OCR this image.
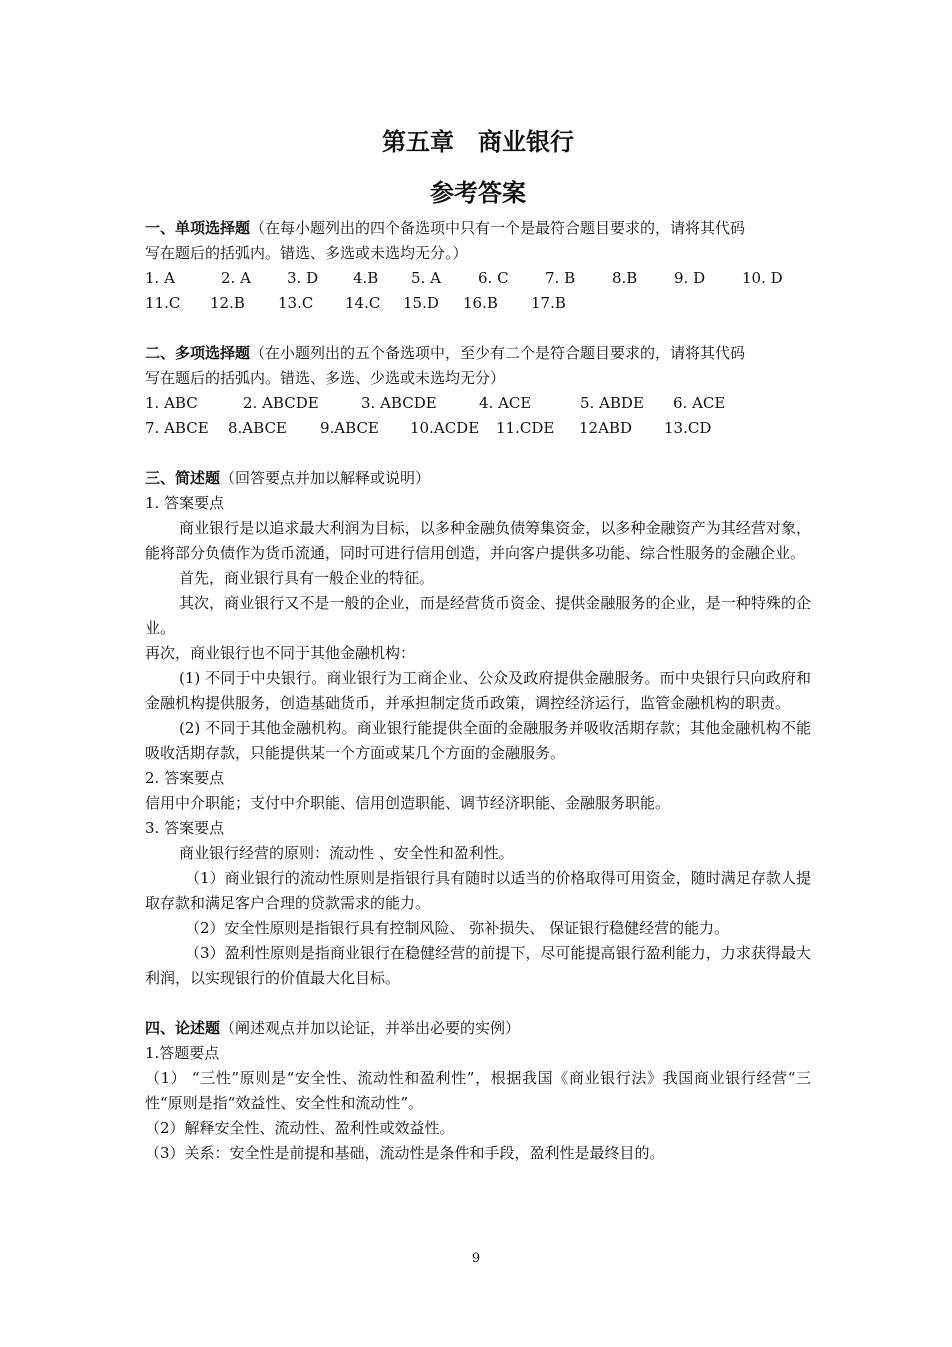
第五章　商业银行
参考答案
一、单项选择题（在每小题列出的四个备选项中只有一个是最符合题目要求的，请将其代码
写在题后的括弧内。错选、多选或未选均无分。）
1. A	2. A	3. D	4.B	5. A	6. C	7. B	8.B	9. D	10. D
11.C	12.B	13.C	14.C	15.D	16.B	17.B
二、多项选择题（在小题列出的五个备选项中，至少有二个是符合题目要求的，请将其代码
写在题后的括弧内。错选、多选、少选或未选均无分）
1. ABC	2. ABCDE	3. ABCDE	4. ACE	5. ABDE	6. ACE
7. ABCE	8.ABCE	9.ABCE	10.ACDE	11.CDE	12ABD	13.CD
三、简述题（回答要点并加以解释或说明）
1. 答案要点
商业银行是以追求最大利润为目标，以多种金融负债筹集资金，以多种金融资产为其经营对象，能将部分负债作为货币流通，同时可进行信用创造，并向客户提供多功能、综合性服务的金融企业。
首先，商业银行具有一般企业的特征。
其次，商业银行又不是一般的企业，而是经营货币资金、提供金融服务的企业，是一种特殊的企业。
再次，商业银行也不同于其他金融机构：
(1) 不同于中央银行。商业银行为工商企业、公众及政府提供金融服务。而中央银行只向政府和金融机构提供服务，创造基础货币，并承担制定货币政策，调控经济运行，监管金融机构的职责。
(2) 不同于其他金融机构。商业银行能提供全面的金融服务并吸收活期存款；其他金融机构不能吸收活期存款，只能提供某一个方面或某几个方面的金融服务。
2. 答案要点
信用中介职能；支付中介职能、信用创造职能、调节经济职能、金融服务职能。
3. 答案要点
商业银行经营的原则：流动性 、安全性和盈利性。
（1）商业银行的流动性原则是指银行具有随时以适当的价格取得可用资金，随时满足存款人提取存款和满足客户合理的贷款需求的能力。
（2）安全性原则是指银行具有控制风险、 弥补损失、 保证银行稳健经营的能力。
（3）盈利性原则是指商业银行在稳健经营的前提下，尽可能提高银行盈利能力，力求获得最大利润，以实现银行的价值最大化目标。
四、论述题（阐述观点并加以论证，并举出必要的实例）
1.答题要点
（1） “三性”原则是“安全性、流动性和盈利性”，根据我国《商业银行法》我国商业银行经营“三性“原则是指“效益性、安全性和流动性”。
（2）解释安全性、流动性、盈利性或效益性。
（3）关系：安全性是前提和基础，流动性是条件和手段，盈利性是最终目的。
9
